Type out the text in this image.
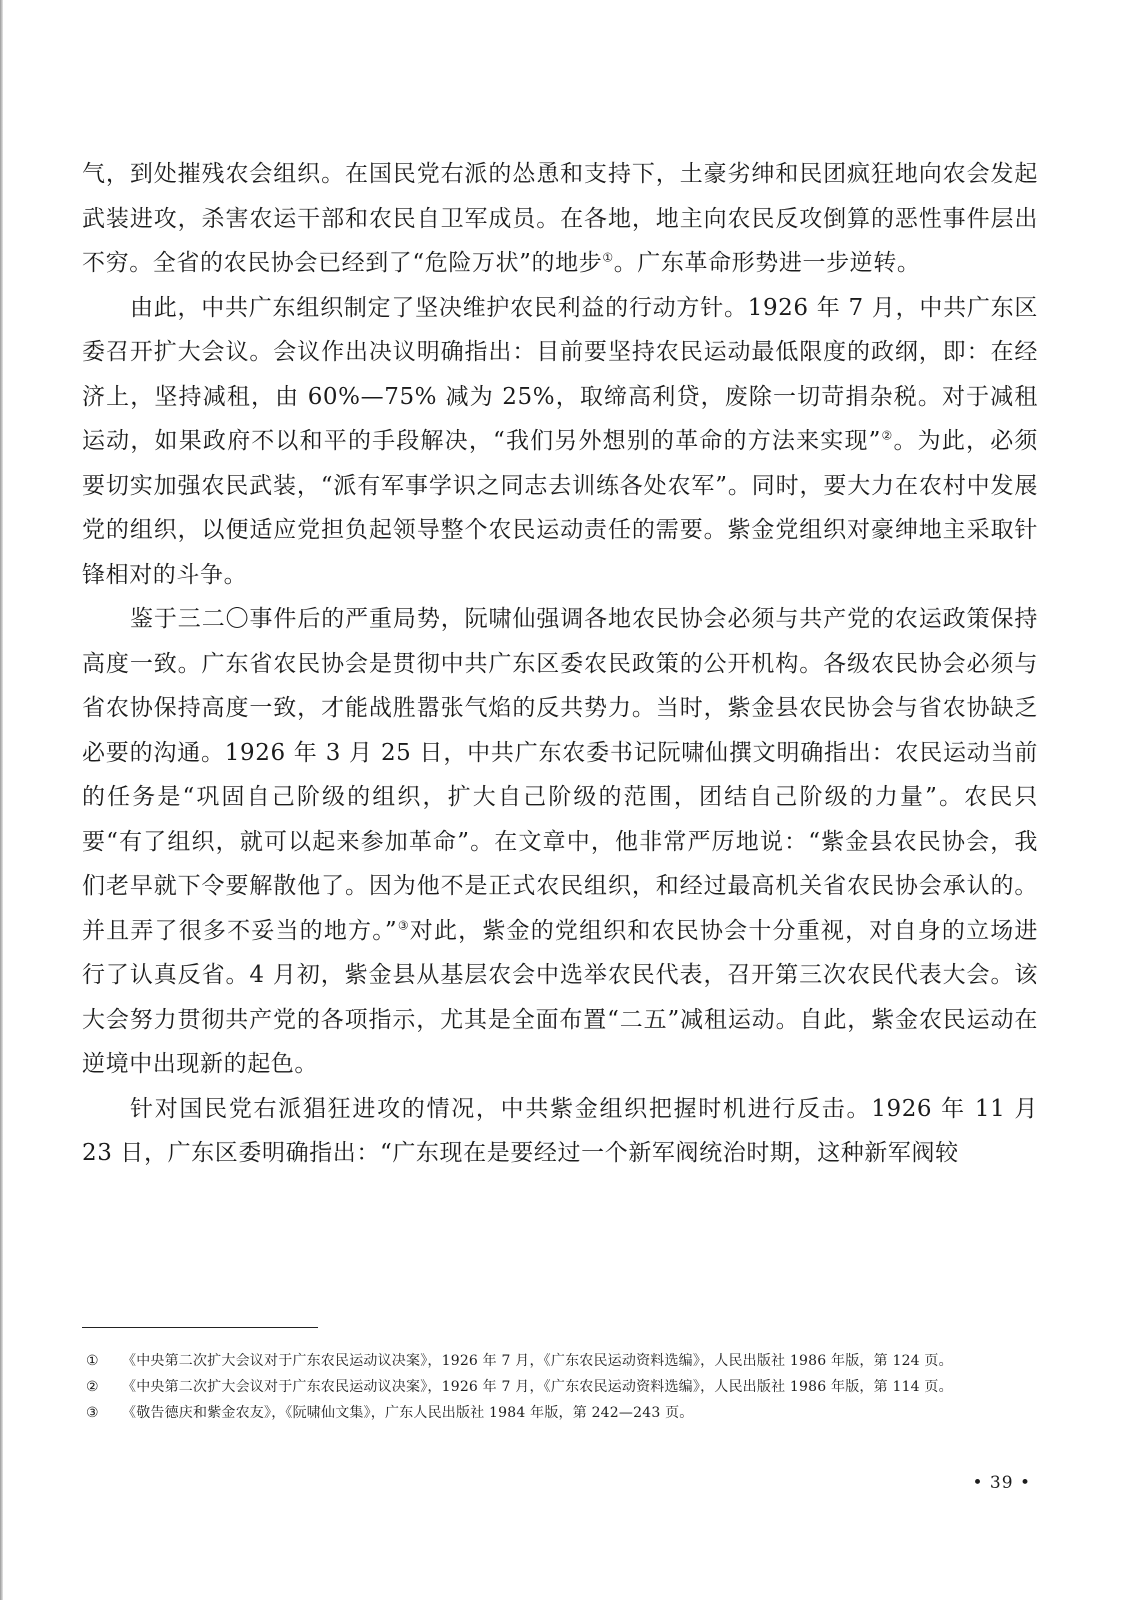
气，到处摧残农会组织。在国民党右派的怂恿和支持下，土豪劣绅和民团疯狂地向农会发起武装进攻，杀害农运干部和农民自卫军成员。在各地，地主向农民反攻倒算的恶性事件层出不穷。全省的农民协会已经到了“危险万状”的地步①。广东革命形势进一步逆转。

由此，中共广东组织制定了坚决维护农民利益的行动方针。1926 年 7 月，中共广东区委召开扩大会议。会议作出决议明确指出：目前要坚持农民运动最低限度的政纲，即：在经济上，坚持减租，由 60%—75% 减为 25%，取缔高利贷，废除一切苛捐杂税。对于减租运动，如果政府不以和平的手段解决，“我们另外想别的革命的方法来实现”②。为此，必须要切实加强农民武装，“派有军事学识之同志去训练各处农军”。同时，要大力在农村中发展党的组织，以便适应党担负起领导整个农民运动责任的需要。紫金党组织对豪绅地主采取针锋相对的斗争。

鉴于三二〇事件后的严重局势，阮啸仙强调各地农民协会必须与共产党的农运政策保持高度一致。广东省农民协会是贯彻中共广东区委农民政策的公开机构。各级农民协会必须与省农协保持高度一致，才能战胜嚣张气焰的反共势力。当时，紫金县农民协会与省农协缺乏必要的沟通。1926 年 3 月 25 日，中共广东农委书记阮啸仙撰文明确指出：农民运动当前的任务是“巩固自己阶级的组织，扩大自己阶级的范围，团结自己阶级的力量”。农民只要“有了组织，就可以起来参加革命”。在文章中，他非常严厉地说：“紫金县农民协会，我们老早就下令要解散他了。因为他不是正式农民组织，和经过最高机关省农民协会承认的。并且弄了很多不妥当的地方。”③对此，紫金的党组织和农民协会十分重视，对自身的立场进行了认真反省。4 月初，紫金县从基层农会中选举农民代表，召开第三次农民代表大会。该大会努力贯彻共产党的各项指示，尤其是全面布置“二五”减租运动。自此，紫金农民运动在逆境中出现新的起色。

针对国民党右派猖狂进攻的情况，中共紫金组织把握时机进行反击。1926 年 11 月 23 日，广东区委明确指出：“广东现在是要经过一个新军阀统治时期，这种新军阀较

①	《中央第二次扩大会议对于广东农民运动议决案》，1926 年 7 月，《广东农民运动资料选编》，人民出版社 1986 年版，第 124 页。
②	《中央第二次扩大会议对于广东农民运动议决案》，1926 年 7 月，《广东农民运动资料选编》，人民出版社 1986 年版，第 114 页。
③	《敬告德庆和紫金农友》，《阮啸仙文集》，广东人民出版社 1984 年版，第 242—243 页。
• 39 •
